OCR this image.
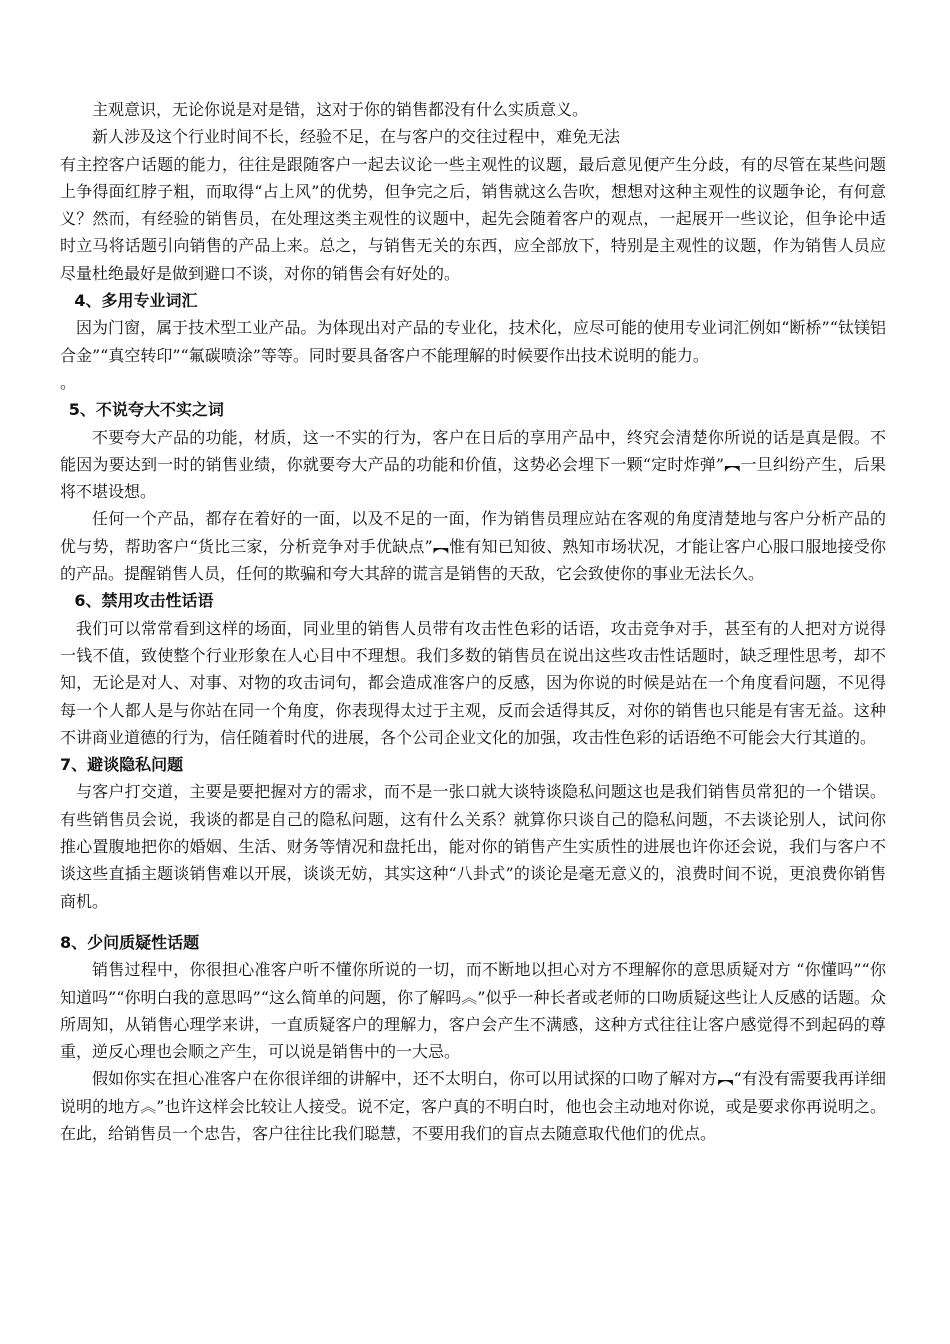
主观意识，无论你说是对是错，这对于你的销售都没有什么实质意义。

新人涉及这个行业时间不长，经验不足，在与客户的交往过程中，难免无法

有主控客户话题的能力，往往是跟随客户一起去议论一些主观性的议题，最后意见便产生分歧，有的尽管在某些问题上争得面红脖子粗，而取得“占上风”的优势，但争完之后，销售就这么告吹，想想对这种主观性的议题争论，有何意义？然而，有经验的销售员，在处理这类主观性的议题中，起先会随着客户的观点，一起展开一些议论，但争论中适时立马将话题引向销售的产品上来。总之，与销售无关的东西，应全部放下，特别是主观性的议题，作为销售人员应尽量杜绝最好是做到避口不谈，对你的销售会有好处的。

4、多用专业词汇

因为门窗，属于技术型工业产品。为体现出对产品的专业化，技术化，应尽可能的使用专业词汇例如“断桥”“钛镁铝合金”“真空转印”“氟碳喷涂”等等。同时要具备客户不能理解的时候要作出技术说明的能力。

。

5、不说夸大不实之词

不要夸大产品的功能，材质，这一不实的行为，客户在日后的享用产品中，终究会清楚你所说的话是真是假。不能因为要达到一时的销售业绩，你就要夸大产品的功能和价值，这势必会埋下一颗“定时炸弹”︻一旦纠纷产生，后果将不堪设想。

任何一个产品，都存在着好的一面，以及不足的一面，作为销售员理应站在客观的角度清楚地与客户分析产品的优与势，帮助客户“货比三家，分析竞争对手优缺点”︻惟有知已知彼、熟知市场状况，才能让客户心服口服地接受你的产品。提醒销售人员，任何的欺骗和夸大其辞的谎言是销售的天敌，它会致使你的事业无法长久。

6、禁用攻击性话语

我们可以常常看到这样的场面，同业里的销售人员带有攻击性色彩的话语，攻击竞争对手，甚至有的人把对方说得一钱不值，致使整个行业形象在人心目中不理想。我们多数的销售员在说出这些攻击性话题时，缺乏理性思考，却不知，无论是对人、对事、对物的攻击词句，都会造成准客户的反感，因为你说的时候是站在一个角度看问题，不见得每一个人都人是与你站在同一个角度，你表现得太过于主观，反而会适得其反，对你的销售也只能是有害无益。这种不讲商业道德的行为，信任随着时代的进展，各个公司企业文化的加强，攻击性色彩的话语绝不可能会大行其道的。

7、避谈隐私问题

与客户打交道，主要是要把握对方的需求，而不是一张口就大谈特谈隐私问题这也是我们销售员常犯的一个错误。有些销售员会说，我谈的都是自己的隐私问题，这有什么关系？就算你只谈自己的隐私问题，不去谈论别人，试问你推心置腹地把你的婚姻、生活、财务等情况和盘托出，能对你的销售产生实质性的进展也许你还会说，我们与客户不谈这些直插主题谈销售难以开展，谈谈无妨，其实这种“八卦式”的谈论是毫无意义的，浪费时间不说，更浪费你销售商机。

8、少问质疑性话题

销售过程中，你很担心准客户听不懂你所说的一切，而不断地以担心对方不理解你的意思质疑对方 “你懂吗”“你知道吗”“你明白我的意思吗”“这么简单的问题，你了解吗︽”似乎一种长者或老师的口吻质疑这些让人反感的话题。众所周知，从销售心理学来讲，一直质疑客户的理解力，客户会产生不满感，这种方式往往让客户感觉得不到起码的尊重，逆反心理也会顺之产生，可以说是销售中的一大忌。

假如你实在担心准客户在你很详细的讲解中，还不太明白，你可以用试探的口吻了解对方︻“有没有需要我再详细说明的地方︽”也许这样会比较让人接受。说不定，客户真的不明白时，他也会主动地对你说，或是要求你再说明之。在此，给销售员一个忠告，客户往往比我们聪慧，不要用我们的盲点去随意取代他们的优点。
